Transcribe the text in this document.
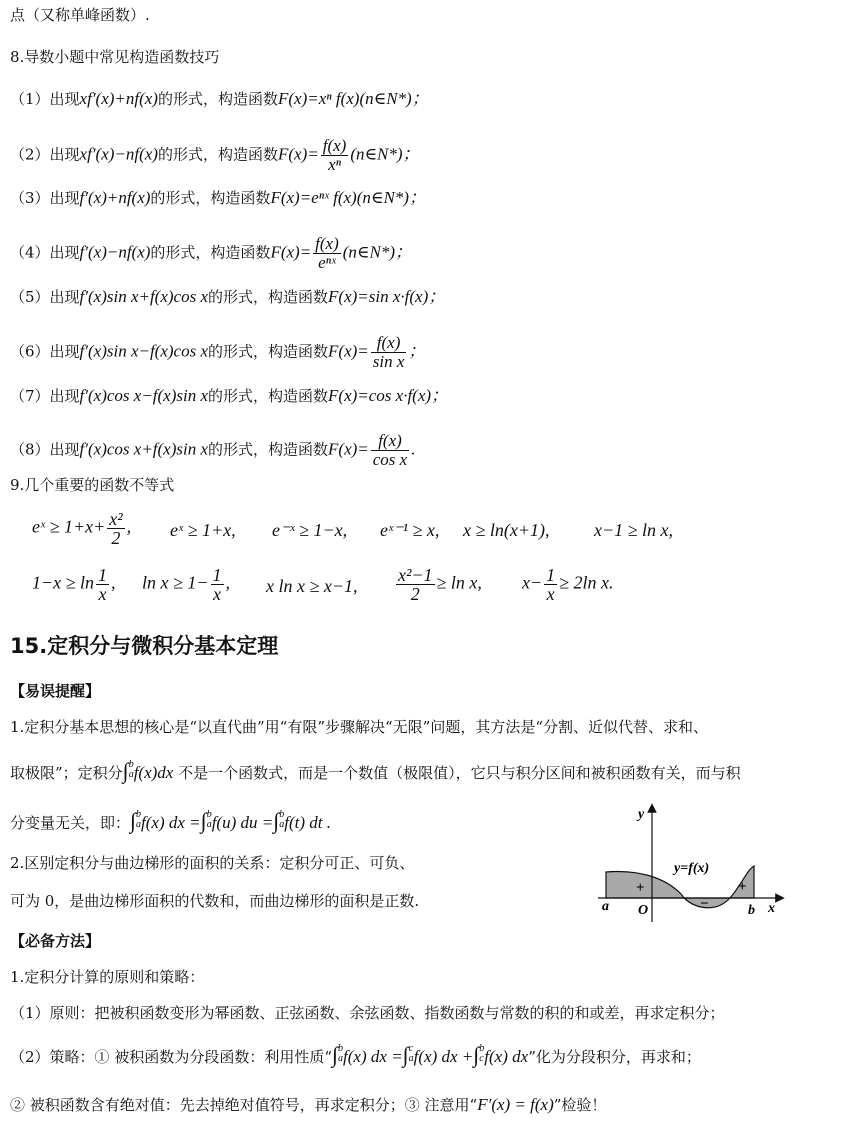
点（又称单峰函数）.
8.导数小题中常见构造函数技巧
（1）出现xf′(x)+nf(x)的形式，构造函数F(x)=xⁿ f(x)(n∈N*)；
（2）出现xf′(x)−nf(x)的形式，构造函数$F(x)= \frac{f(x)}{\text{xⁿ}}$ (n∈N*)；
（3）出现f′(x)+nf(x)的形式，构造函数F(x)=eⁿˣ f(x)(n∈N*)；
（4）出现f′(x)−nf(x)的形式，构造函数$F(x)= \frac{f(x)}{\text{eⁿˣ}}$ (n∈N*)；
（5）出现f′(x)sin x+f(x)cos x的形式，构造函数F(x)=sin x·f(x)；
（6）出现f′(x)sin x−f(x)cos x的形式，构造函数$F(x)= \frac{f(x)}{\text{sin x}}$ ；
（7）出现f′(x)cos x−f(x)sin x的形式，构造函数F(x)=cos x·f(x)；
（8）出现f′(x)cos x+f(x)sin x的形式，构造函数$F(x)= \frac{f(x)}{\text{cos x}}$ .
9.几个重要的函数不等式
eˣ ≥ $1+x+ \frac{\text{x²}}{2}$ , eˣ ≥ 1+x, e⁻ˣ ≥ 1−x, eˣ⁻¹ ≥ x, x ≥ ln(x+1), x−1 ≥ ln x,
$1-x \ge \ln \frac{1}{x}$ , $\ln x \ge 1- \frac{1}{x}$ , x ln x ≥ x−1, $\frac{\text{x²−1}}{2} \ge \ln x$, $x- \frac{1}{x} \ge 2\ln$ x.
15.定积分与微积分基本定理
【易误提醒】
1.定积分基本思想的核心是“以直代曲”用“有限”步骤解决“无限”问题，其方法是“分割、近似代替、求和、
取极限”；定积分∫b
af(x)dx 不是一个函数式，而是一个数值（极限值），它只与积分区间和被积函数有关，而与积
分变量无关，即：∫b
af(x) dx =∫b
af(u) du =∫b
af(t) dt .
2.区别定积分与曲边梯形的面积的关系：定积分可正、可负、
可为 0，是曲边梯形面积的代数和，而曲边梯形的面积是正数.
y
x
y=f(x)
O
a	b
+
−
+
【必备方法】
1.定积分计算的原则和策略：
（1）原则：把被积函数变形为幂函数、正弦函数、余弦函数、指数函数与常数的积的和或差，再求定积分；
（2）策略：① 被积函数为分段函数：利用性质“∫b
af(x) dx =∫c
af(x) dx +∫b
cf(x) dx”化为分段积分，再求和；
② 被积函数含有绝对值：先去掉绝对值符号，再求定积分；③ 注意用“F′(x) = f(x)”检验！
